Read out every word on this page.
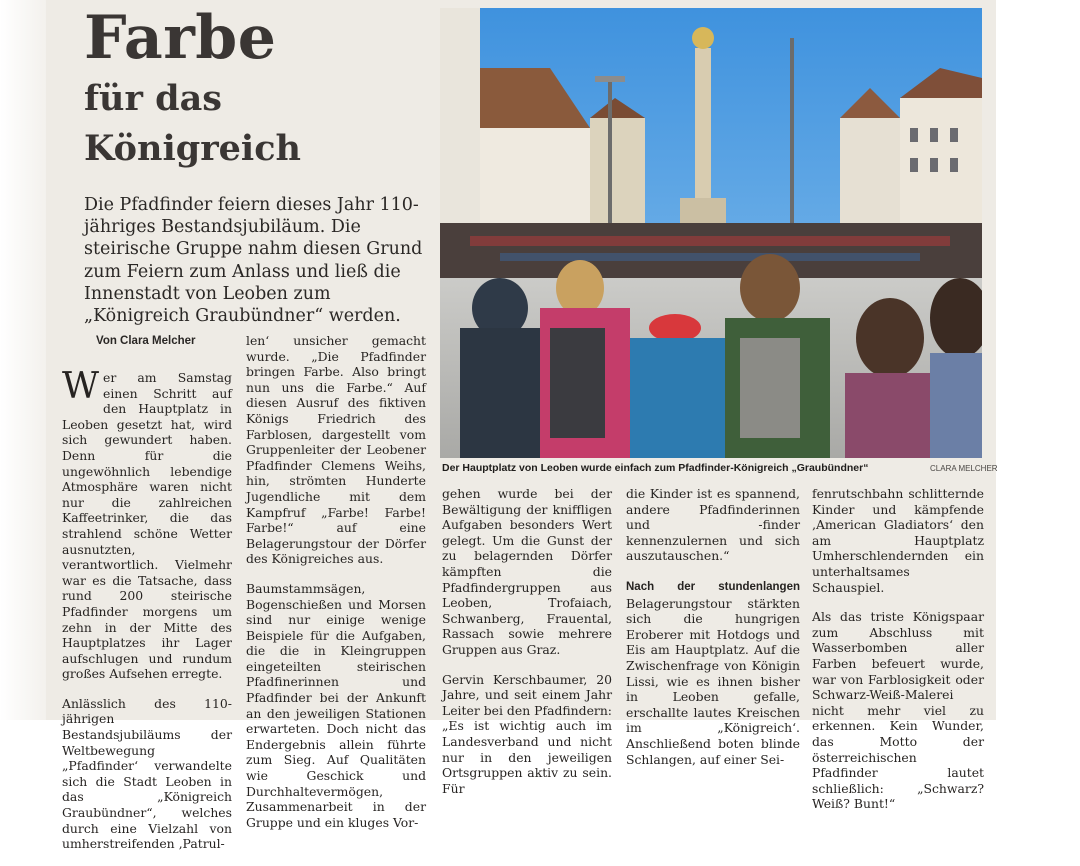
Farbe
für das
Königreich
Die Pfadfinder feiern dieses Jahr 110-jähriges Bestandsjubiläum. Die steirische Gruppe nahm diesen Grund zum Feiern zum Anlass und ließ die Innenstadt von Leoben zum „Königreich Graubündner“ werden.
Von Clara Melcher

Wer am Samstag einen Schritt auf den Hauptplatz in Leoben gesetzt hat, wird sich gewundert haben. Denn für die ungewöhnlich lebendige Atmosphäre waren nicht nur die zahlreichen Kaffeetrinker, die das strahlend schöne Wetter ausnutzten, verantwortlich. Vielmehr war es die Tatsache, dass rund 200 steirische Pfadfinder morgens um zehn in der Mitte des Hauptplatzes ihr Lager aufschlugen und rundum großes Aufsehen erregte.

Anlässlich des 110-jährigen Bestandsjubiläums der Weltbewegung „Pfadfinder‘ verwandelte sich die Stadt Leoben in das „Königreich Graubündner“, welches durch eine Vielzahl von umherstreifenden ‚Patrul-

len‘ unsicher gemacht wurde. „Die Pfadfinder bringen Farbe. Also bringt nun uns die Farbe.“ Auf diesen Ausruf des fiktiven Königs Friedrich des Farblosen, dargestellt vom Gruppenleiter der Leobener Pfadfinder Clemens Weihs, hin, strömten Hunderte Jugendliche mit dem Kampfruf „Farbe! Farbe! Farbe!“ auf eine Belagerungstour der Dörfer des Königreiches aus.

Baumstammsägen, Bogenschießen und Morsen sind nur einige wenige Beispiele für die Aufgaben, die die in Kleingruppen eingeteilten steirischen Pfadfinerinnen und Pfadfinder bei der Ankunft an den jeweiligen Stationen erwarteten. Doch nicht das Endergebnis allein führte zum Sieg. Auf Qualitäten wie Geschick und Durchhaltevermögen, Zusammenarbeit in der Gruppe und ein kluges Vor-

Der Hauptplatz von Leoben wurde einfach zum Pfadfinder-Königreich „Graubündner“	CLARA MELCHER

gehen wurde bei der Bewältigung der kniffligen Aufgaben besonders Wert gelegt. Um die Gunst der zu belagernden Dörfer kämpften die Pfadfindergruppen aus Leoben, Trofaiach, Schwanberg, Frauental, Rassach sowie mehrere Gruppen aus Graz.

Gervin Kerschbaumer, 20 Jahre, und seit einem Jahr Leiter bei den Pfadfindern: „Es ist wichtig auch im Landesverband und nicht nur in den jeweiligen Ortsgruppen aktiv zu sein. Für

die Kinder ist es spannend, andere Pfadfinderinnen und -finder kennenzulernen und sich auszutauschen.“

Nach der stundenlangen Belagerungstour stärkten sich die hungrigen Eroberer mit Hotdogs und Eis am Hauptplatz. Auf die Zwischenfrage von Königin Lissi, wie es ihnen bisher in Leoben gefalle, erschallte lautes Kreischen im „Königreich‘. Anschließend boten blinde Schlangen, auf einer Sei-

fenrutschbahn schlitternde Kinder und kämpfende ‚American Gladiators‘ den am Hauptplatz Umherschlendernden ein unterhaltsames Schauspiel.

Als das triste Königspaar zum Abschluss mit Wasserbomben aller Farben befeuert wurde, war von Farblosigkeit oder Schwarz-Weiß-Malerei nicht mehr viel zu erkennen. Kein Wunder, das Motto der österreichischen Pfadfinder lautet schließlich: „Schwarz? Weiß? Bunt!“
